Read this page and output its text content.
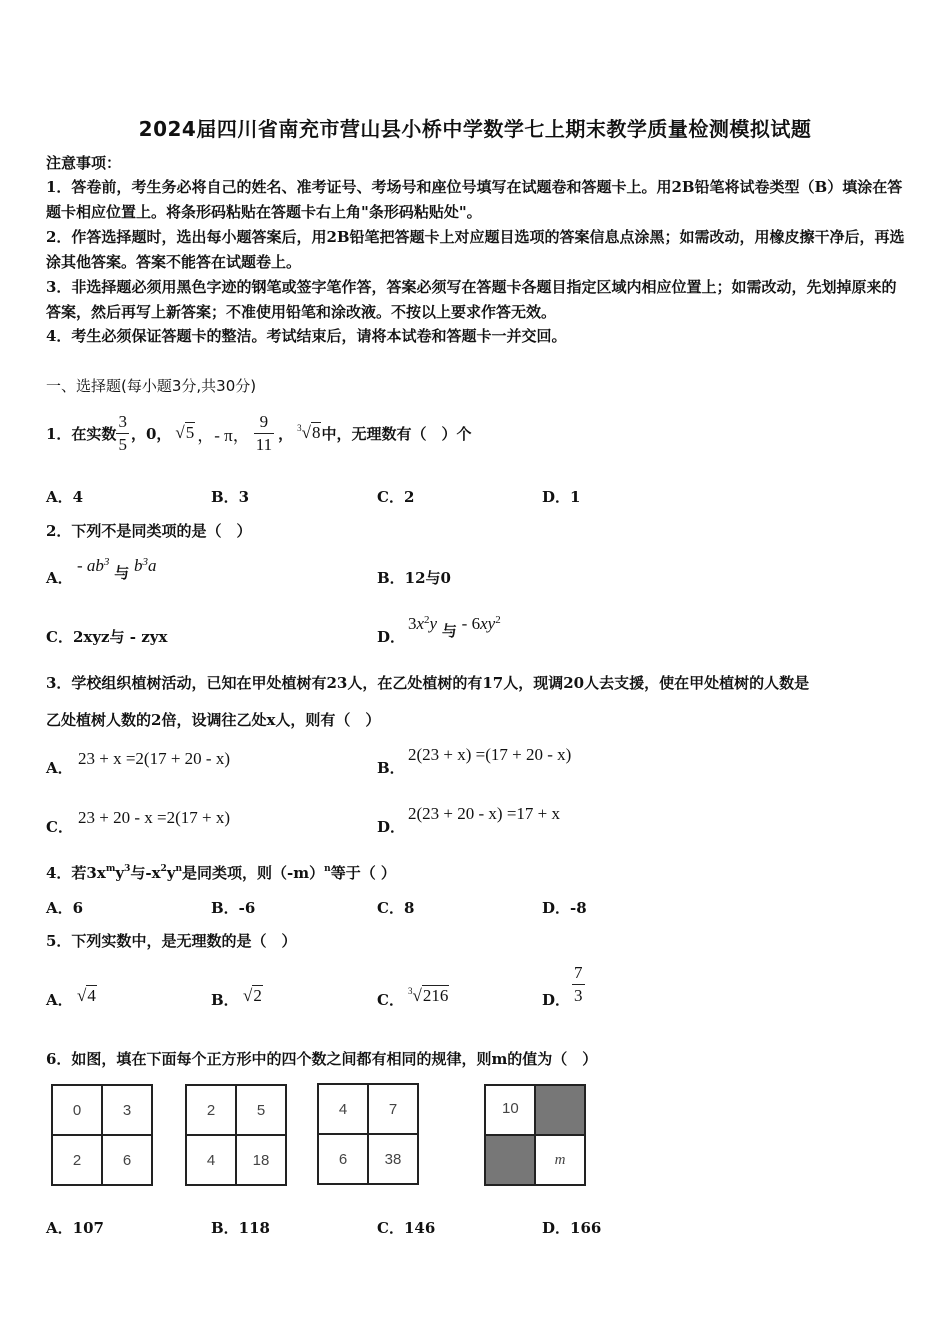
2024届四川省南充市营山县小桥中学数学七上期末教学质量检测模拟试题
注意事项：
1．答卷前，考生务必将自己的姓名、准考证号、考场号和座位号填写在试题卷和答题卡上。用2B铅笔将试卷类型（B）填涂在答题卡相应位置上。将条形码粘贴在答题卡右上角"条形码粘贴处"。
2．作答选择题时，选出每小题答案后，用2B铅笔把答题卡上对应题目选项的答案信息点涂黑；如需改动，用橡皮擦干净后，再选涂其他答案。答案不能答在试题卷上。
3．非选择题必须用黑色字迹的钢笔或签字笔作答，答案必须写在答题卡各题目指定区域内相应位置上；如需改动，先划掉原来的答案，然后再写上新答案；不准使用铅笔和涂改液。不按以上要求作答无效。
4．考生必须保证答题卡的整洁。考试结束后，请将本试卷和答题卡一并交回。
一、选择题(每小题3分,共30分)
1．在实数 $\frac{3}{5}$ ，0， √5 ，- π， $\frac{9}{11}$ ， $^3$√8 中，无理数有（　）个
A．4	B．3	C．2	D．1
2．下列不是同类项的是（　）
A．
- $ab^3$ 与 $b^3a$
B．12与0
C．2xyz与 - zyx	D．
$3x^2y$ 与 - $6xy^2$
3．学校组织植树活动，已知在甲处植树有23人，在乙处植树的有17人，现调20人去支援，使在甲处植树的人数是
乙处植树人数的2倍，设调往乙处x人，则有（　）
A． 23 + x =2(17 + 20 - x)	B．
2(23 + x) =(17 + 20 - x)
C． 23 + 20 - x =2(17 + x)	D．
2(23 + 20 - x) =17 + x
4．若$3x^my^3$与$-x^2y^n$是同类项，则$(-m)^n$等于（ ）
A．6	B．-6	C．8	D．-8
5．下列实数中，是无理数的是（　）
A． √4	B． √2	C． $^3$√216	D． $\frac{7}{3}$
6．如图，填在下面每个正方形中的四个数之间都有相同的规律，则m的值为（　）
0	3
2	6
2	5
4	18
4	7
6	38
10
m
A．107	B．118	C．146	D．166
